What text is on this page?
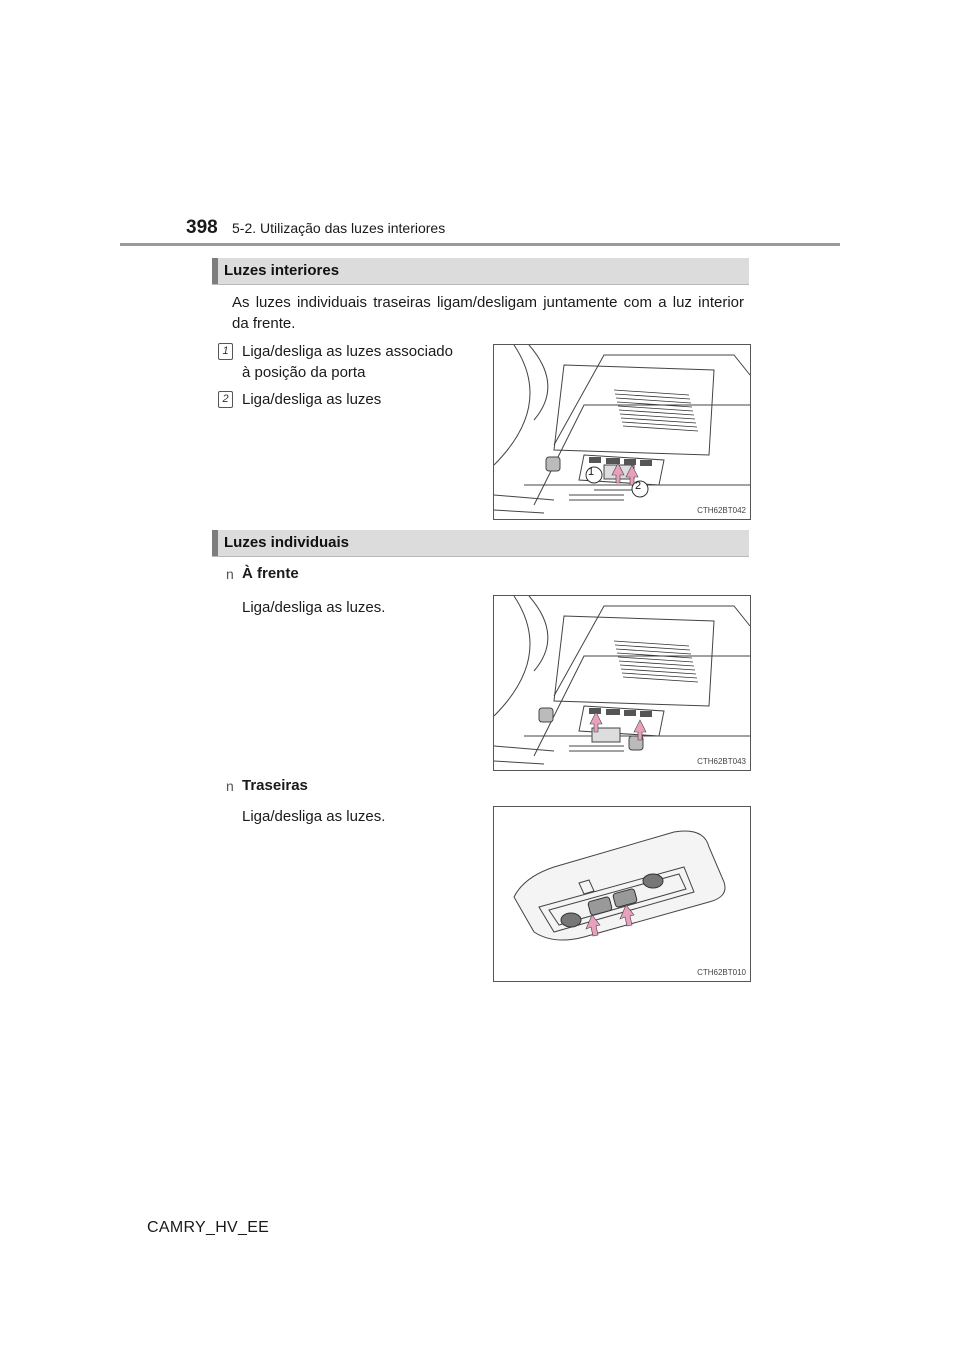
398 5-2. Utilização das luzes interiores
Luzes interiores
As luzes individuais traseiras ligam/desligam juntamente com a luz interior da frente.
1 Liga/desliga as luzes associado
à posição da porta
2 Liga/desliga as luzes
1
2
CTH62BT042
Luzes individuais
n À frente
Liga/desliga as luzes.
CTH62BT043
n Traseiras
Liga/desliga as luzes.
CTH62BT010
CAMRY_HV_EE
